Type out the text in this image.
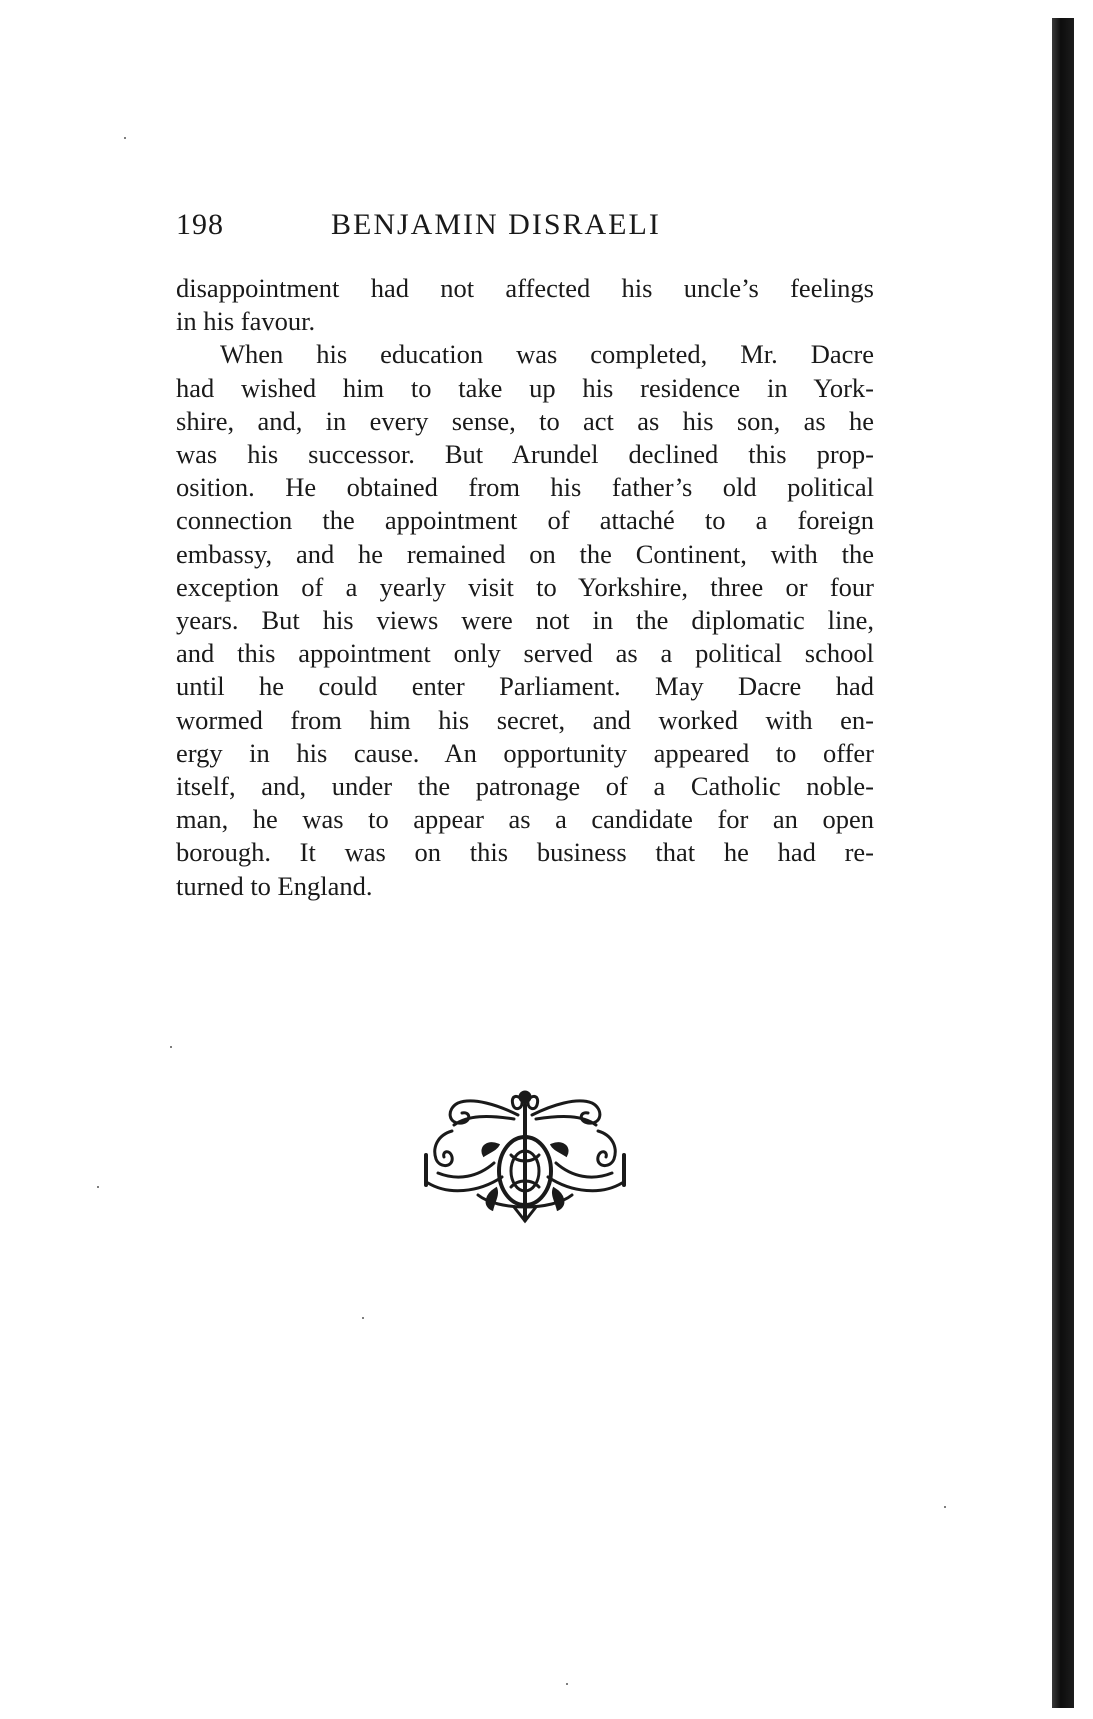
198	BENJAMIN DISRAELI

disappointment had not affected his uncle’s feelings
in his favour.

When his education was completed, Mr. Dacre
had wished him to take up his residence in York-
shire, and, in every sense, to act as his son, as he
was his successor. But Arundel declined this prop-
osition. He obtained from his father’s old political
connection the appointment of attaché to a foreign
embassy, and he remained on the Continent, with the
exception of a yearly visit to Yorkshire, three or four
years. But his views were not in the diplomatic line,
and this appointment only served as a political school
until he could enter Parliament. May Dacre had
wormed from him his secret, and worked with en-
ergy in his cause. An opportunity appeared to offer
itself, and, under the patronage of a Catholic noble-
man, he was to appear as a candidate for an open
borough. It was on this business that he had re-
turned to England.
